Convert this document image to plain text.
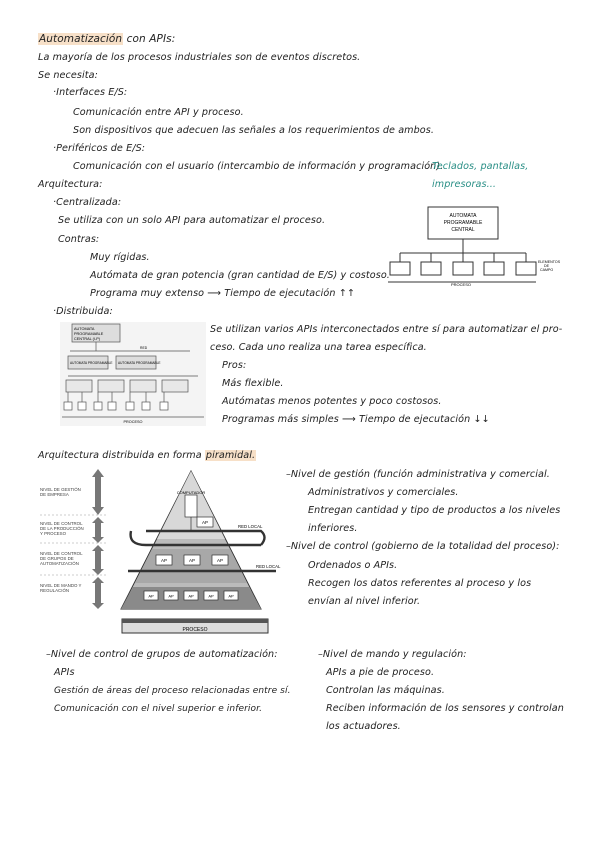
Automatización con APIs:
La mayoría de los procesos industriales son de eventos discretos.
Se necesita:
·Interfaces E/S:
Comunicación entre API y proceso.
Son dispositivos que adecuen las señales a los requerimientos de ambos.
·Periféricos de E/S:
Comunicación con el usuario (intercambio de información y programación).
Teclados, pantallas,
impresoras...
Arquitectura:
·Centralizada:
Se utiliza con un solo API para automatizar el proceso.
Contras:
Muy rígidas.
Autómata de gran potencia (gran cantidad de E/S) y costoso.
Programa muy extenso ⟶ Tiempo de ejecutación ↑↑
AUTOMATA
PROGRAMABLE
CENTRAL
ELEMENTOS
DE
CAMPO
PROCESO
·Distribuida:
AUTOMATA
PROGRAMABLE
CENTRAL (I-P)
RED
AUTOMATA PROGRAMABLE AUTOMATA PROGRAMABLE
PROCESO
Se utilizan varios APIs interconectados entre sí para automatizar el pro-
ceso. Cada uno realiza una tarea específica.
Pros:
Más flexible.
Autómatas menos potentes y poco costosos.
Programas más simples ⟶ Tiempo de ejecutación ↓↓
Arquitectura distribuida en forma piramidal.
NIVEL DE GESTIÓN
DE EMPRESA
NIVEL DE CONTROL
DE LA PRODUCCIÓN
Y PROCESO
NIVEL DE CONTROL
DE GRUPOS DE
AUTOMATIZACIÓN
NIVEL DE MANDO Y
REGULACIÓN
COMPUTADOR
AP
RED LOCAL
RED LOCAL
AP	AP	AP
AP	AP	AP	AP	AP
PROCESO
–Nivel de gestión (función administrativa y comercial.
Administrativos y comerciales.
Entregan cantidad y tipo de productos a los niveles
inferiores.
–Nivel de control (gobierno de la totalidad del proceso):
Ordenados o APIs.
Recogen los datos referentes al proceso y los
envían al nivel inferior.
–Nivel de control de grupos de automatización:
APIs
Gestión de áreas del proceso relacionadas entre sí.
Comunicación con el nivel superior e inferior.
–Nivel de mando y regulación:
APIs a pie de proceso.
Controlan las máquinas.
Reciben información de los sensores y controlan
los actuadores.
